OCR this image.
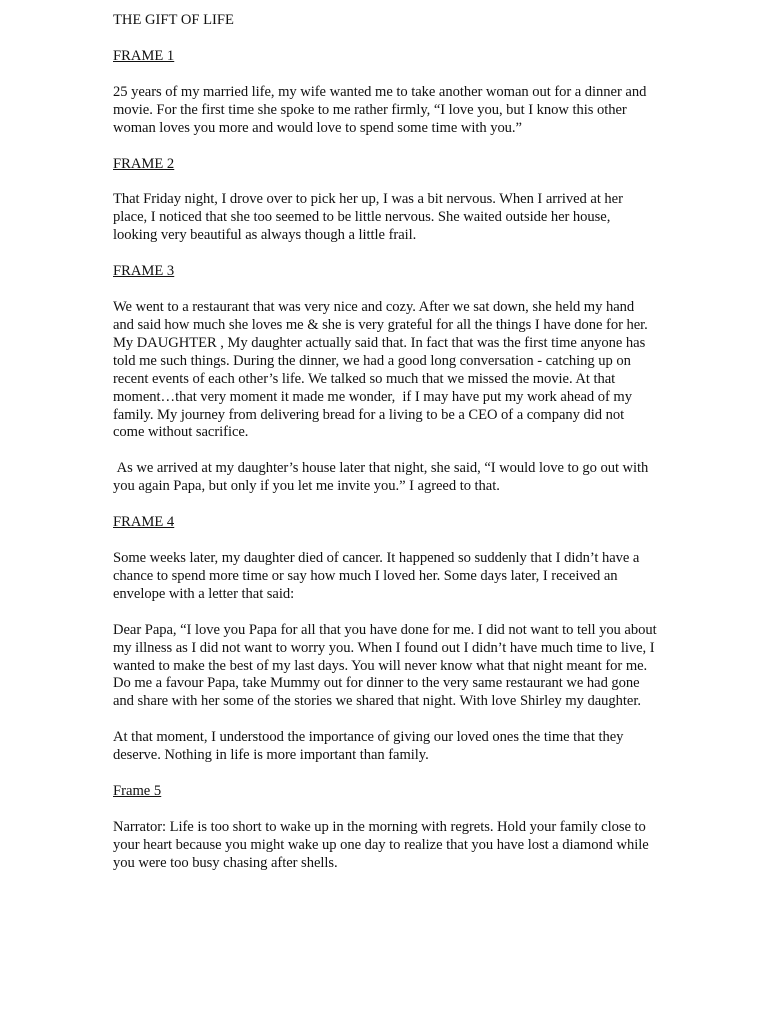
THE GIFT OF LIFE
FRAME 1

25 years of my married life, my wife wanted me to take another woman out for a dinner and movie. For the first time she spoke to me rather firmly, “I love you, but I know this other woman loves you more and would love to spend some time with you.”

FRAME 2

That Friday night, I drove over to pick her up, I was a bit nervous. When I arrived at her place, I noticed that she too seemed to be little nervous. She waited outside her house, looking very beautiful as always though a little frail.

FRAME 3

We went to a restaurant that was very nice and cozy. After we sat down, she held my hand and said how much she loves me & she is very grateful for all the things I have done for her. My DAUGHTER , My daughter actually said that. In fact that was the first time anyone has told me such things. During the dinner, we had a good long conversation - catching up on recent events of each other’s life. We talked so much that we missed the movie. At that moment…that very moment it made me wonder,  if I may have put my work ahead of my family. My journey from delivering bread for a living to be a CEO of a company did not come without sacrifice.

As we arrived at my daughter’s house later that night, she said, “I would love to go out with you again Papa, but only if you let me invite you.” I agreed to that.

FRAME 4

Some weeks later, my daughter died of cancer. It happened so suddenly that I didn’t have a chance to spend more time or say how much I loved her. Some days later, I received an envelope with a letter that said:

Dear Papa, “I love you Papa for all that you have done for me. I did not want to tell you about my illness as I did not want to worry you. When I found out I didn’t have much time to live, I wanted to make the best of my last days. You will never know what that night meant for me. Do me a favour Papa, take Mummy out for dinner to the very same restaurant we had gone and share with her some of the stories we shared that night. With love Shirley my daughter.

At that moment, I understood the importance of giving our loved ones the time that they deserve. Nothing in life is more important than family.

Frame 5

Narrator: Life is too short to wake up in the morning with regrets. Hold your family close to your heart because you might wake up one day to realize that you have lost a diamond while you were too busy chasing after shells.
